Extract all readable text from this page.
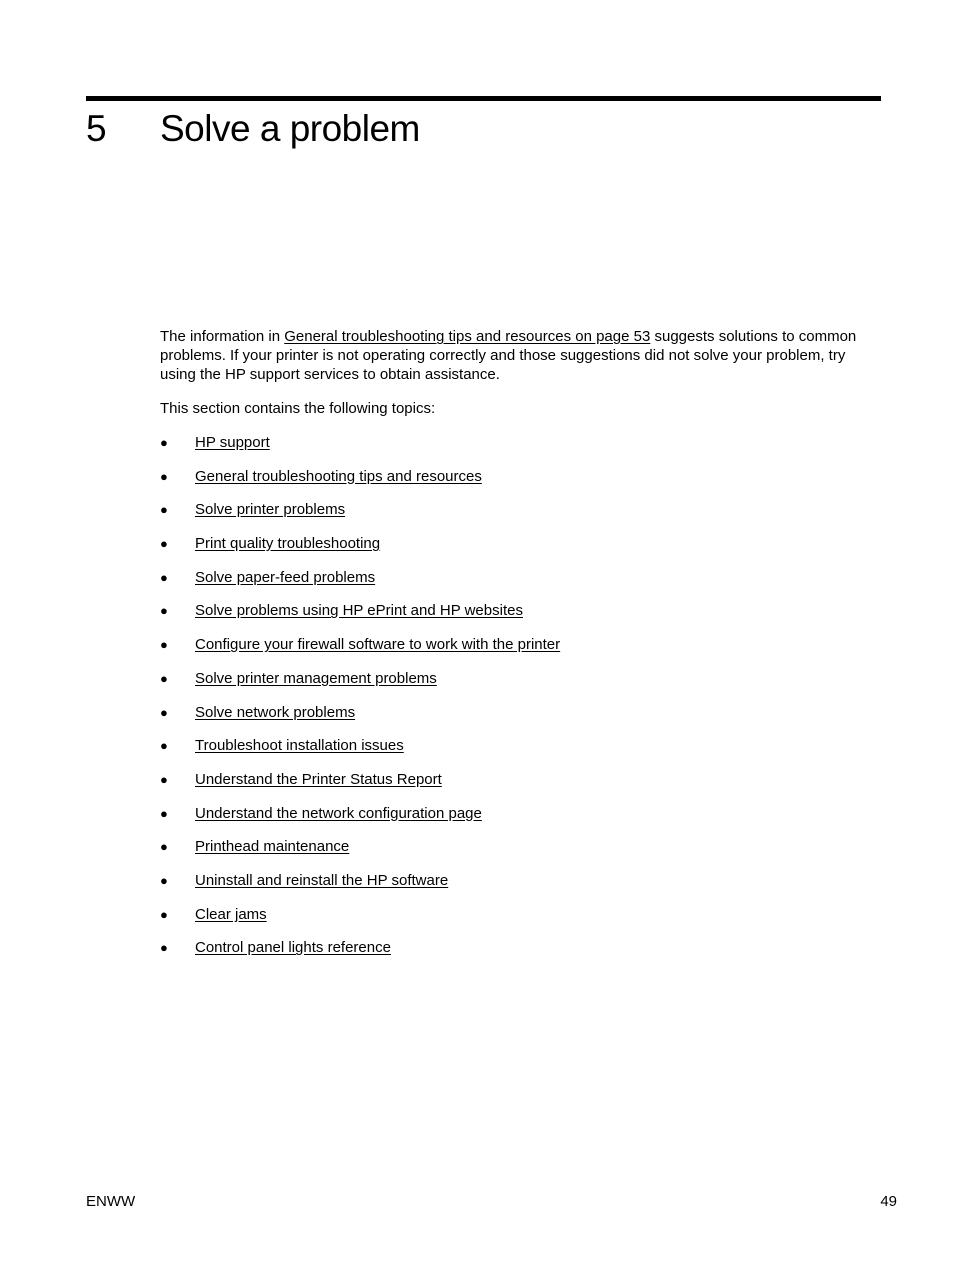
5 Solve a problem

The information in General troubleshooting tips and resources on page 53 suggests solutions to common problems. If your printer is not operating correctly and those suggestions did not solve your problem, try using the HP support services to obtain assistance.

This section contains the following topics:

● HP support
● General troubleshooting tips and resources
● Solve printer problems
● Print quality troubleshooting
● Solve paper-feed problems
● Solve problems using HP ePrint and HP websites
● Configure your firewall software to work with the printer
● Solve printer management problems
● Solve network problems
● Troubleshoot installation issues
● Understand the Printer Status Report
● Understand the network configuration page
● Printhead maintenance
● Uninstall and reinstall the HP software
● Clear jams
● Control panel lights reference
ENWW	49
